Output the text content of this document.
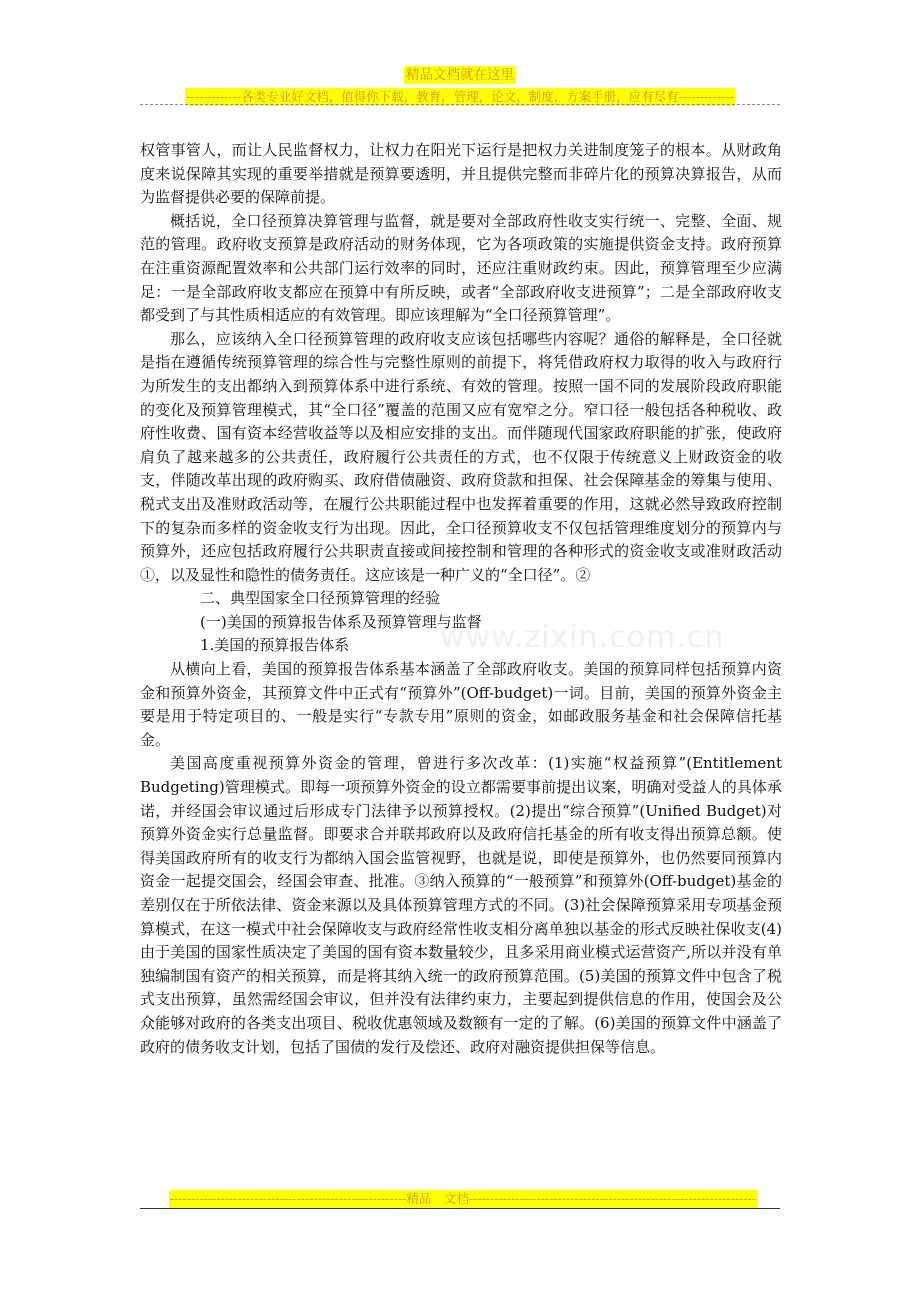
精品文档就在这里
-------------各类专业好文档，值得你下载，教育，管理，论文，制度，方案手册，应有尽有-------------

权管事管人，而让人民监督权力，让权力在阳光下运行是把权力关进制度笼子的根本。从财政角度来说保障其实现的重要举措就是预算要透明，并且提供完整而非碎片化的预算决算报告，从而为监督提供必要的保障前提。

概括说，全口径预算决算管理与监督，就是要对全部政府性收支实行统一、完整、全面、规范的管理。政府收支预算是政府活动的财务体现，它为各项政策的实施提供资金支持。政府预算在注重资源配置效率和公共部门运行效率的同时，还应注重财政约束。因此，预算管理至少应满足：一是全部政府收支都应在预算中有所反映，或者“全部政府收支进预算”；二是全部政府收支都受到了与其性质相适应的有效管理。即应该理解为“全口径预算管理”。

那么，应该纳入全口径预算管理的政府收支应该包括哪些内容呢？通俗的解释是，全口径就是指在遵循传统预算管理的综合性与完整性原则的前提下，将凭借政府权力取得的收入与政府行为所发生的支出都纳入到预算体系中进行系统、有效的管理。按照一国不同的发展阶段政府职能的变化及预算管理模式，其“全口径”覆盖的范围又应有宽窄之分。窄口径一般包括各种税收、政府性收费、国有资本经营收益等以及相应安排的支出。而伴随现代国家政府职能的扩张，使政府肩负了越来越多的公共责任，政府履行公共责任的方式，也不仅限于传统意义上财政资金的收支，伴随改革出现的政府购买、政府借债融资、政府贷款和担保、社会保障基金的筹集与使用、税式支出及准财政活动等，在履行公共职能过程中也发挥着重要的作用，这就必然导致政府控制下的复杂而多样的资金收支行为出现。因此，全口径预算收支不仅包括管理维度划分的预算内与预算外，还应包括政府履行公共职责直接或间接控制和管理的各种形式的资金收支或准财政活动①，以及显性和隐性的债务责任。这应该是一种广义的“全口径”。②

二、典型国家全口径预算管理的经验

(一)美国的预算报告体系及预算管理与监督

1.美国的预算报告体系

从横向上看，美国的预算报告体系基本涵盖了全部政府收支。美国的预算同样包括预算内资金和预算外资金，其预算文件中正式有“预算外”(Off-budget)一词。目前，美国的预算外资金主要是用于特定项目的、一般是实行“专款专用”原则的资金，如邮政服务基金和社会保障信托基金。

美国高度重视预算外资金的管理，曾进行多次改革：(1)实施“权益预算”(Entitlement Budgeting)管理模式。即每一项预算外资金的设立都需要事前提出议案，明确对受益人的具体承诺，并经国会审议通过后形成专门法律予以预算授权。(2)提出“综合预算”(Unified Budget)对预算外资金实行总量监督。即要求合并联邦政府以及政府信托基金的所有收支得出预算总额。使得美国政府所有的收支行为都纳入国会监管视野，也就是说，即使是预算外，也仍然要同预算内资金一起提交国会，经国会审查、批准。③纳入预算的“一般预算”和预算外(Off-budget)基金的差别仅在于所依法律、资金来源以及具体预算管理方式的不同。(3)社会保障预算采用专项基金预算模式，在这一模式中社会保障收支与政府经常性收支相分离单独以基金的形式反映社保收支(4)由于美国的国家性质决定了美国的国有资本数量较少，且多采用商业模式运营资产,所以并没有单独编制国有资产的相关预算，而是将其纳入统一的政府预算范围。(5)美国的预算文件中包含了税式支出预算，虽然需经国会审议，但并没有法律约束力，主要起到提供信息的作用，使国会及公众能够对政府的各类支出项目、税收优惠领域及数额有一定的了解。(6)美国的预算文件中涵盖了政府的债务收支计划，包括了国债的发行及偿还、政府对融资提供担保等信息。

www.zixin.com.cn
--------------------------------------------------------精品　文档--------------------------------------------------------------------
